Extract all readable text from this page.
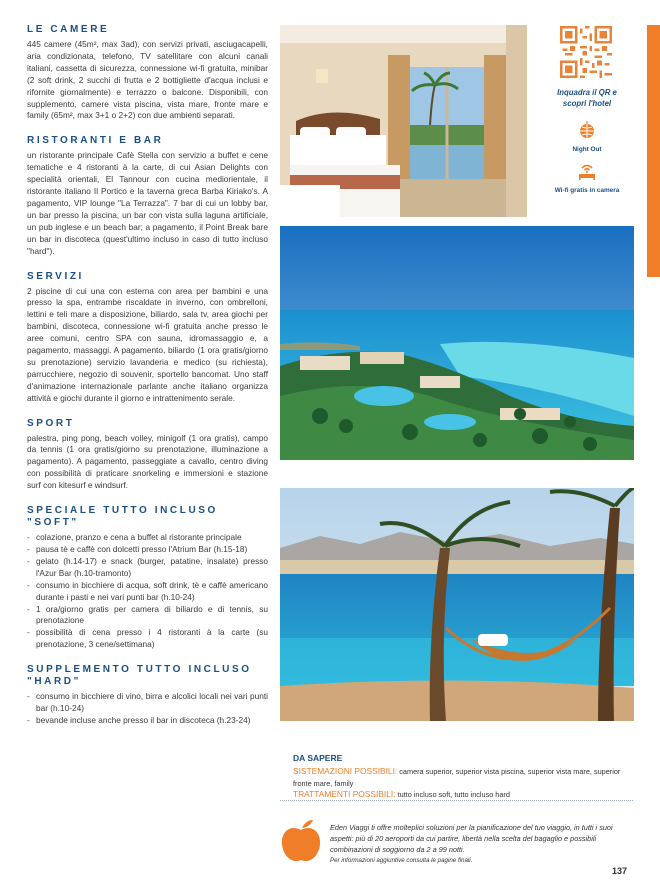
LE CAMERE

445 camere (45m², max 3ad), con servizi privati, asciugacapelli, aria condizionata, telefono, TV satellitare con alcuni canali italiani, cassetta di sicurezza, connessione wi-fi gratuita, minibar (2 soft drink, 2 succhi di frutta e 2 bottigliette d'acqua inclusi e rifornite giornalmente) e terrazzo o balcone. Disponibili, con supplemento, camere vista piscina, vista mare, fronte mare e family (65m², max 3+1 o 2+2) con due ambienti separati.

RISTORANTI E BAR

un ristorante principale Cafè Stella con servizio a buffet e cene tematiche e 4 ristoranti à la carte, di cui Asian Delights con specialità orientali, El Tannour con cucina mediorientale, il ristorante italiano Il Portico e la taverna greca Barba Kiriako's. A pagamento, VIP lounge "La Terrazza". 7 bar di cui un lobby bar, un bar presso la piscina, un bar con vista sulla laguna artificiale, un pub inglese e un beach bar; a pagamento, il Point Break bare un bar in discoteca (quest'ultimo incluso in caso di tutto incluso "hard").

SERVIZI

2 piscine di cui una con esterna con area per bambini e una presso la spa, entrambe riscaldate in inverno, con ombrelloni, lettini e teli mare a disposizione, biliardo, sala tv, area giochi per bambini, discoteca, connessione wi-fi gratuita anche presso le aree comuni, centro SPA con sauna, idromassaggio e, a pagamento, massaggi. A pagamento, biliardo (1 ora gratis/giorno su prenotazione) servizio lavanderia e medico (su richiesta), parrucchiere, negozio di souvenir, sportello bancomat. Uno staff d'animazione internazionale parlante anche italiano organizza attività e giochi durante il giorno e intrattenimento serale.

SPORT

palestra, ping pong, beach volley, minigolf (1 ora gratis), campo da tennis (1 ora gratis/giorno su prenotazione, illuminazione a pagamento). A pagamento, passeggiate a cavallo, centro diving con possibilità di praticare snorkeling e immersioni e stazione surf con kitesurf e windsurf.

SPECIALE TUTTO INCLUSO "SOFT"
- colazione, pranzo e cena a buffet al ristorante principale
- pausa tè e caffè con dolcetti presso l'Atrium Bar (h.15-18)
- gelato (h.14-17) e snack (burger, patatine, insalate) presso l'Azur Bar (h.10-tramonto)
- consumo in bicchiere di acqua, soft drink, tè e caffè americano durante i pasti e nei vari punti bar (h.10-24)
- 1 ora/giorno gratis per camera di biliardo e di tennis, su prenotazione
- possibilità di cena presso i 4 ristoranti à la carte (su prenotazione, 3 cene/settimana)
SUPPLEMENTO TUTTO INCLUSO "HARD"
- consumo in bicchiere di vino, birra e alcolici locali nei vari punti bar (h.10-24)
- bevande incluse anche presso il bar in discoteca (h.23-24)
Inquadra il QR e scopri l'hotel
Night Out
Wi-fi gratis in camera
DA SAPERE
SISTEMAZIONI POSSIBILI: camera superior, superior vista piscina, superior vista mare, superior fronte mare, family
TRATTAMENTI POSSIBILI: tutto incluso soft, tutto incluso hard
Eden Viaggi ti offre molteplici soluzioni per la pianificazione del tuo viaggio, in tutti i suoi aspetti: più di 20 aeroporti da cui partire, libertà nella scelta del bagaglio e possibili combinazioni di soggiorno da 2 a 99 notti.
Per informazioni aggiuntive consulta le pagine finali.
137
